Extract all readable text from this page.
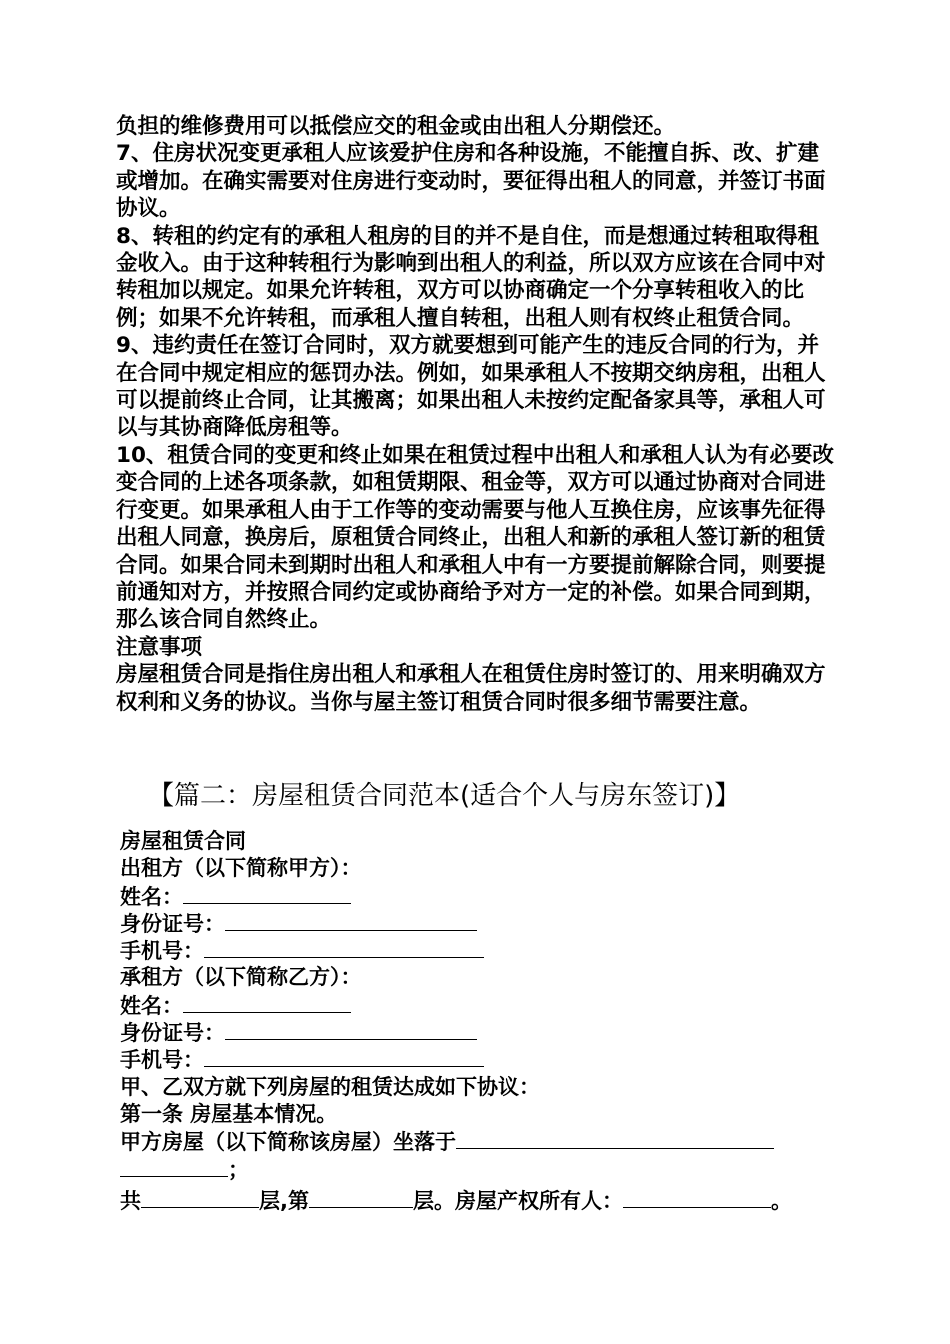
负担的维修费用可以抵偿应交的租金或由出租人分期偿还。

7、住房状况变更承租人应该爱护住房和各种设施，不能擅自拆、改、扩建或增加。在确实需要对住房进行变动时，要征得出租人的同意，并签订书面协议。

8、转租的约定有的承租人租房的目的并不是自住，而是想通过转租取得租金收入。由于这种转租行为影响到出租人的利益，所以双方应该在合同中对转租加以规定。如果允许转租，双方可以协商确定一个分享转租收入的比例；如果不允许转租，而承租人擅自转租，出租人则有权终止租赁合同。

9、违约责任在签订合同时，双方就要想到可能产生的违反合同的行为，并在合同中规定相应的惩罚办法。例如，如果承租人不按期交纳房租，出租人可以提前终止合同，让其搬离；如果出租人未按约定配备家具等，承租人可以与其协商降低房租等。

10、租赁合同的变更和终止如果在租赁过程中出租人和承租人认为有必要改变合同的上述各项条款，如租赁期限、租金等，双方可以通过协商对合同进行变更。如果承租人由于工作等的变动需要与他人互换住房，应该事先征得出租人同意，换房后，原租赁合同终止，出租人和新的承租人签订新的租赁合同。如果合同未到期时出租人和承租人中有一方要提前解除合同，则要提前通知对方，并按照合同约定或协商给予对方一定的补偿。如果合同到期，那么该合同自然终止。

注意事项

房屋租赁合同是指住房出租人和承租人在租赁住房时签订的、用来明确双方权利和义务的协议。当你与屋主签订租赁合同时很多细节需要注意。

【篇二：房屋租赁合同范本(适合个人与房东签订)】
房屋租赁合同
出租方（以下简称甲方）：
姓名：
身份证号：
手机号：
承租方（以下简称乙方）：
姓名：
身份证号：
手机号：
甲、乙双方就下列房屋的租赁达成如下协议：
第一条 房屋基本情况。
甲方房屋（以下简称该房屋）坐落于
；
共	层,第	层。房屋产权所有人：	。
